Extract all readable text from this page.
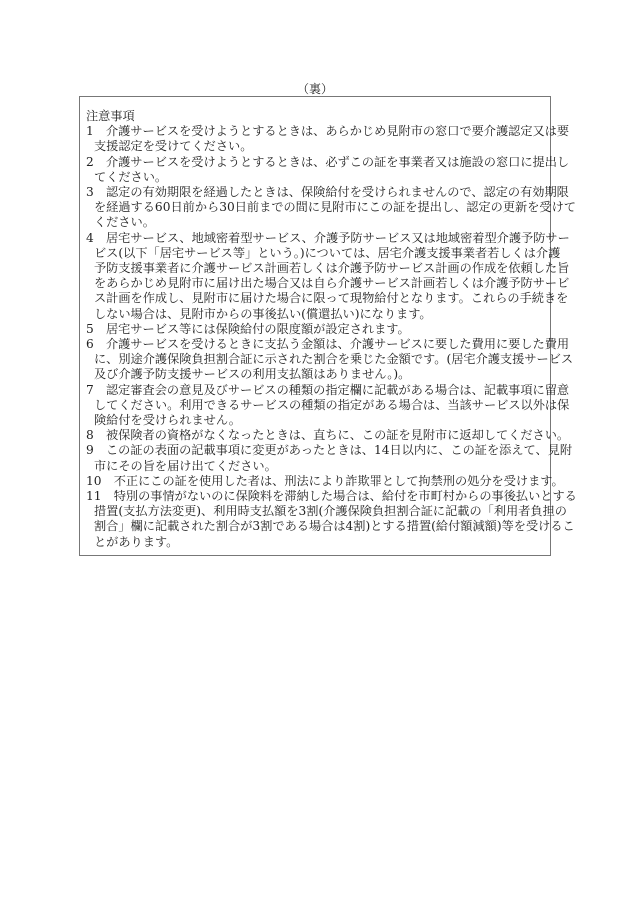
（裏）
注意事項
1　介護サービスを受けようとするときは、あらかじめ見附市の窓口で要介護認定又は要
支援認定を受けてください。
2　介護サービスを受けようとするときは、必ずこの証を事業者又は施設の窓口に提出し
てください。
3　認定の有効期限を経過したときは、保険給付を受けられませんので、認定の有効期限
を経過する60日前から30日前までの間に見附市にこの証を提出し、認定の更新を受けて
ください。
4　居宅サービス、地域密着型サービス、介護予防サービス又は地域密着型介護予防サー
ビス(以下「居宅サービス等」という。)については、居宅介護支援事業者若しくは介護
予防支援事業者に介護サービス計画若しくは介護予防サービス計画の作成を依頼した旨
をあらかじめ見附市に届け出た場合又は自ら介護サービス計画若しくは介護予防サービ
ス計画を作成し、見附市に届けた場合に限って現物給付となります。これらの手続きを
しない場合は、見附市からの事後払い(償還払い)になります。
5　居宅サービス等には保険給付の限度額が設定されます。
6　介護サービスを受けるときに支払う金額は、介護サービスに要した費用に要した費用
に、別途介護保険負担割合証に示された割合を乗じた金額です。(居宅介護支援サービス
及び介護予防支援サービスの利用支払額はありません。)。
7　認定審査会の意見及びサービスの種類の指定欄に記載がある場合は、記載事項に留意
してください。利用できるサービスの種類の指定がある場合は、当該サービス以外は保
険給付を受けられません。
8　被保険者の資格がなくなったときは、直ちに、この証を見附市に返却してください。
9　この証の表面の記載事項に変更があったときは、14日以内に、この証を添えて、見附
市にその旨を届け出てください。
10　不正にこの証を使用した者は、刑法により詐欺罪として拘禁刑の処分を受けます。
11　特別の事情がないのに保険料を滞納した場合は、給付を市町村からの事後払いとする
措置(支払方法変更)、利用時支払額を3割(介護保険負担割合証に記載の「利用者負担の
割合」欄に記載された割合が3割である場合は4割)とする措置(給付額減額)等を受けるこ
とがあります。
